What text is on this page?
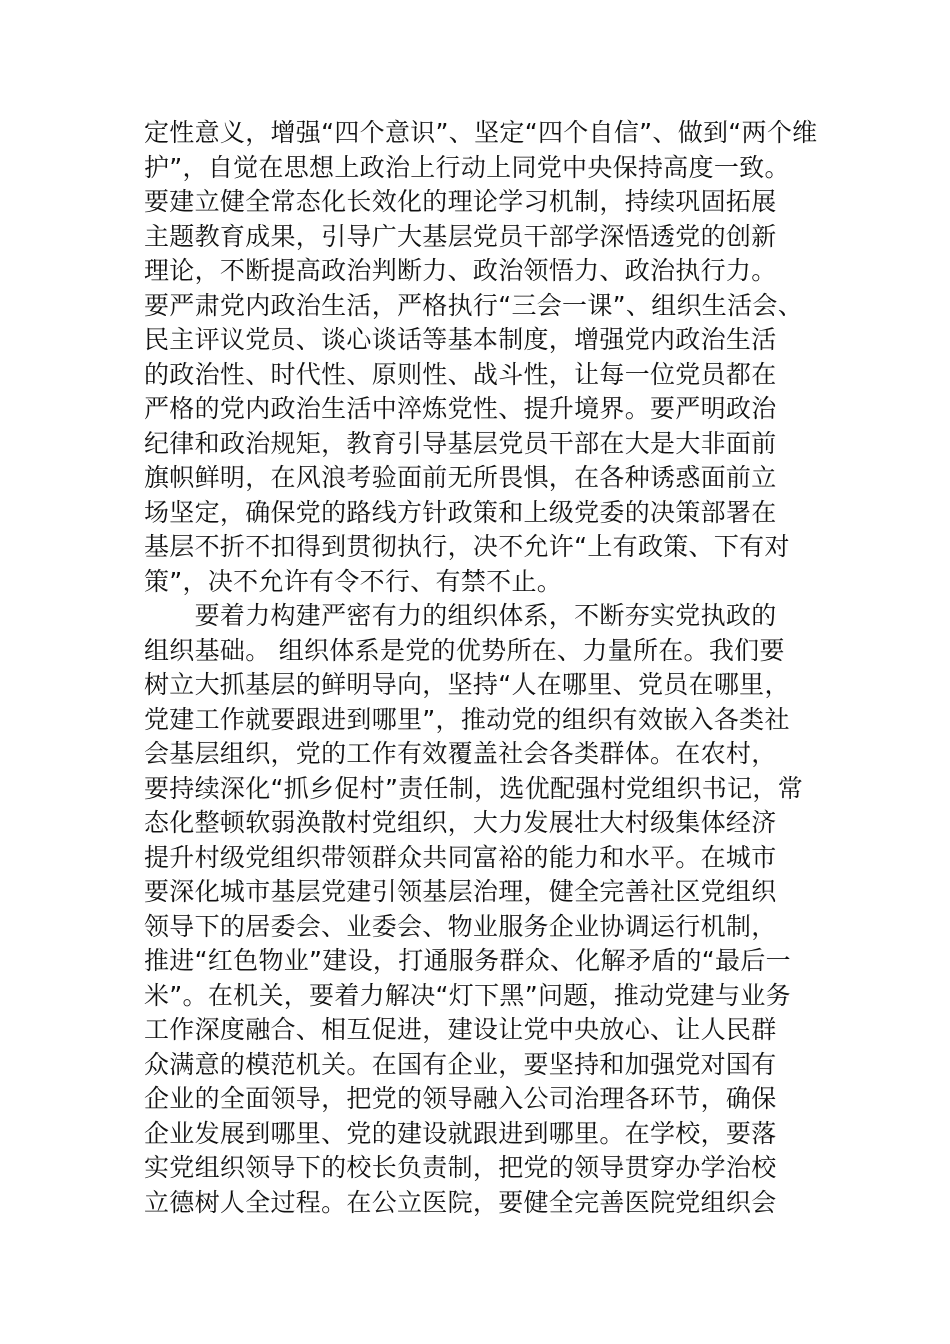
定性意义，增强“四个意识”、坚定“四个自信”、做到“两个维
护”，自觉在思想上政治上行动上同党中央保持高度一致。
要建立健全常态化长效化的理论学习机制，持续巩固拓展
主题教育成果，引导广大基层党员干部学深悟透党的创新
理论，不断提高政治判断力、政治领悟力、政治执行力。
要严肃党内政治生活，严格执行“三会一课”、组织生活会、
民主评议党员、谈心谈话等基本制度，增强党内政治生活
的政治性、时代性、原则性、战斗性，让每一位党员都在
严格的党内政治生活中淬炼党性、提升境界。要严明政治
纪律和政治规矩，教育引导基层党员干部在大是大非面前
旗帜鲜明，在风浪考验面前无所畏惧，在各种诱惑面前立
场坚定，确保党的路线方针政策和上级党委的决策部署在
基层不折不扣得到贯彻执行，决不允许“上有政策、下有对
策”，决不允许有令不行、有禁不止。
　　要着力构建严密有力的组织体系，不断夯实党执政的
组织基础。 组织体系是党的优势所在、力量所在。我们要
树立大抓基层的鲜明导向，坚持“人在哪里、党员在哪里，
党建工作就要跟进到哪里”，推动党的组织有效嵌入各类社
会基层组织，党的工作有效覆盖社会各类群体。在农村，
要持续深化“抓乡促村”责任制，选优配强村党组织书记，常
态化整顿软弱涣散村党组织，大力发展壮大村级集体经济
提升村级党组织带领群众共同富裕的能力和水平。在城市
要深化城市基层党建引领基层治理，健全完善社区党组织
领导下的居委会、业委会、物业服务企业协调运行机制，
推进“红色物业”建设，打通服务群众、化解矛盾的“最后一
米”。在机关，要着力解决“灯下黑”问题，推动党建与业务
工作深度融合、相互促进，建设让党中央放心、让人民群
众满意的模范机关。在国有企业，要坚持和加强党对国有
企业的全面领导，把党的领导融入公司治理各环节，确保
企业发展到哪里、党的建设就跟进到哪里。在学校，要落
实党组织领导下的校长负责制，把党的领导贯穿办学治校
立德树人全过程。在公立医院，要健全完善医院党组织会
